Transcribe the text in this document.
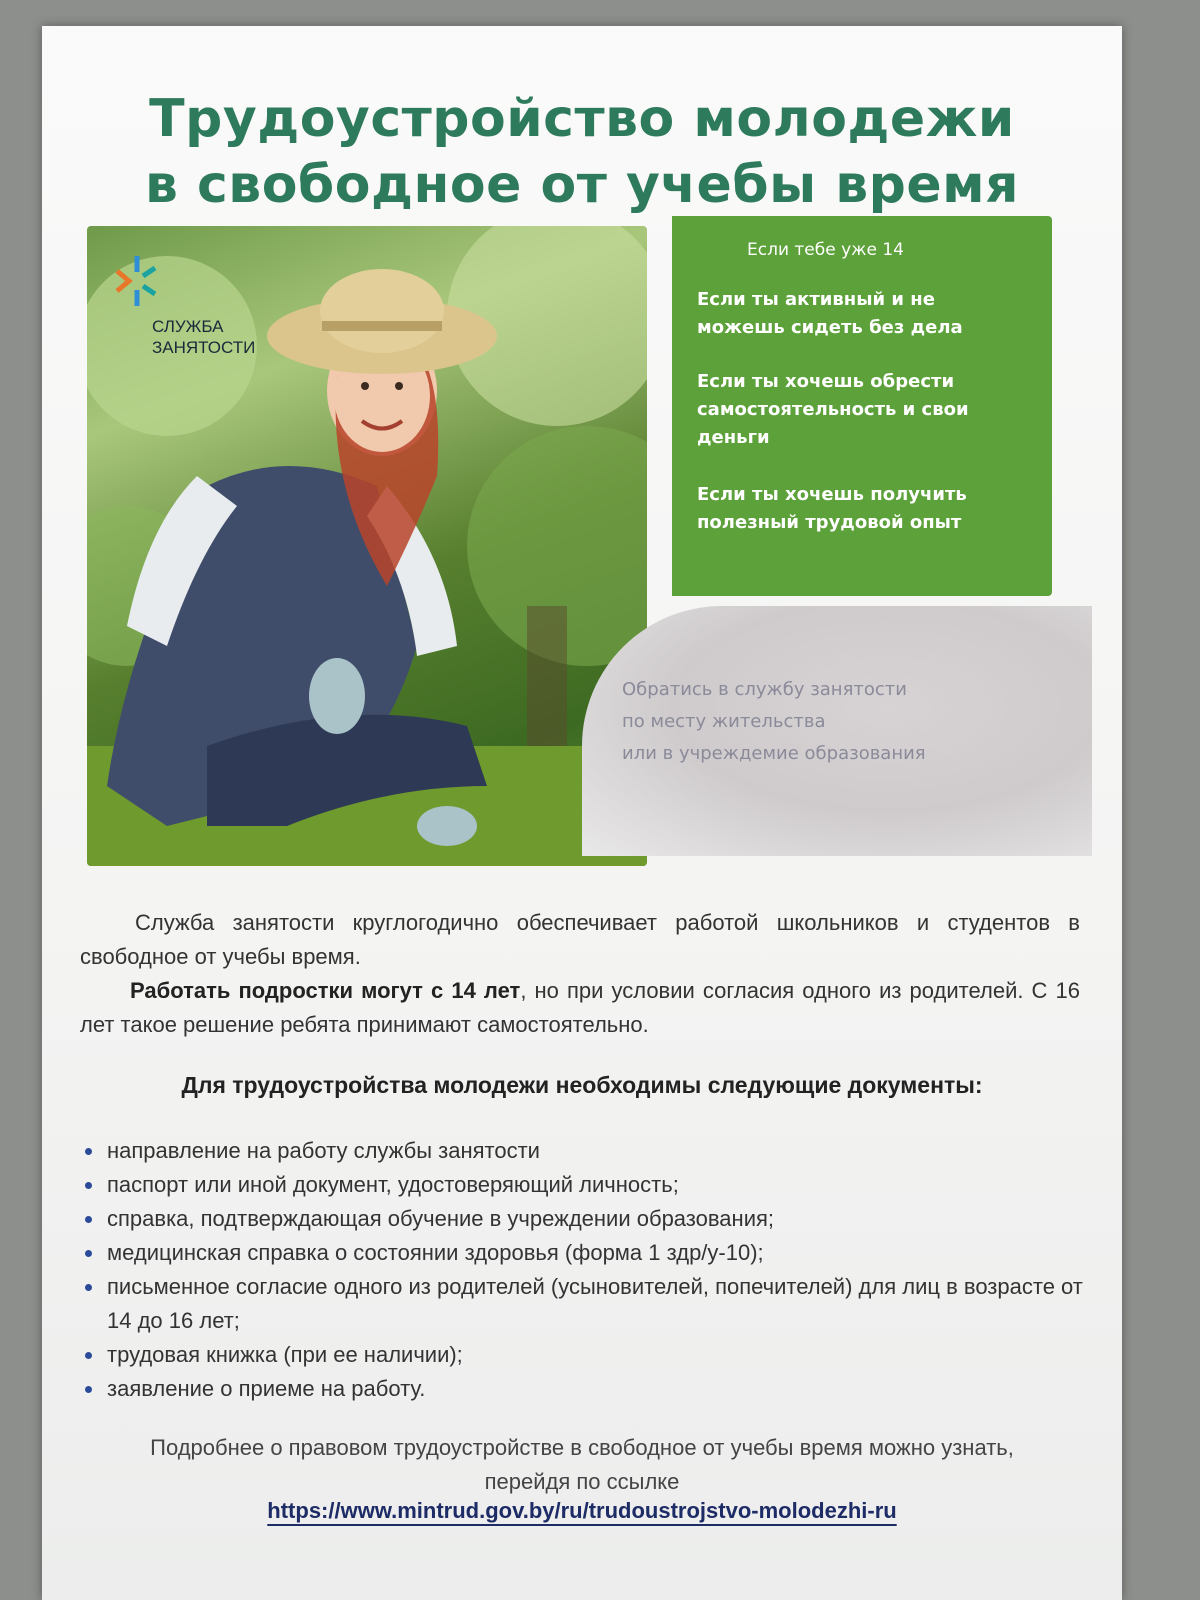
Трудоустройство молодежи
в свободное от учебы время
СЛУЖБА
ЗАНЯТОСТИ
Если тебе уже 14
Если ты активный и не можешь сидеть без дела
Если ты хочешь обрести самостоятельность и свои деньги
Если ты хочешь получить полезный трудовой опыт
Обратись в службу занятости
по месту жительства
или в учреждемие образования
Служба занятости круглогодично обеспечивает работой школьников и студентов в свободное от учебы время.
Работать подростки могут с 14 лет, но при условии согласия одного из родителей. С 16 лет такое решение ребята принимают самостоятельно.
Для трудоустройства молодежи необходимы следующие документы:
направление на работу службы занятости
паспорт или иной документ, удостоверяющий личность;
справка, подтверждающая обучение в учреждении образования;
медицинская справка о состоянии здоровья (форма 1 здр/у-10);
письменное согласие одного из родителей (усыновителей, попечителей) для лиц в возрасте от 14 до 16 лет;
трудовая книжка (при ее наличии);
заявление о приеме на работу.
Подробнее о правовом трудоустройстве в свободное от учебы время можно узнать, перейдя по ссылке
https://www.mintrud.gov.by/ru/trudoustrojstvo-molodezhi-ru
